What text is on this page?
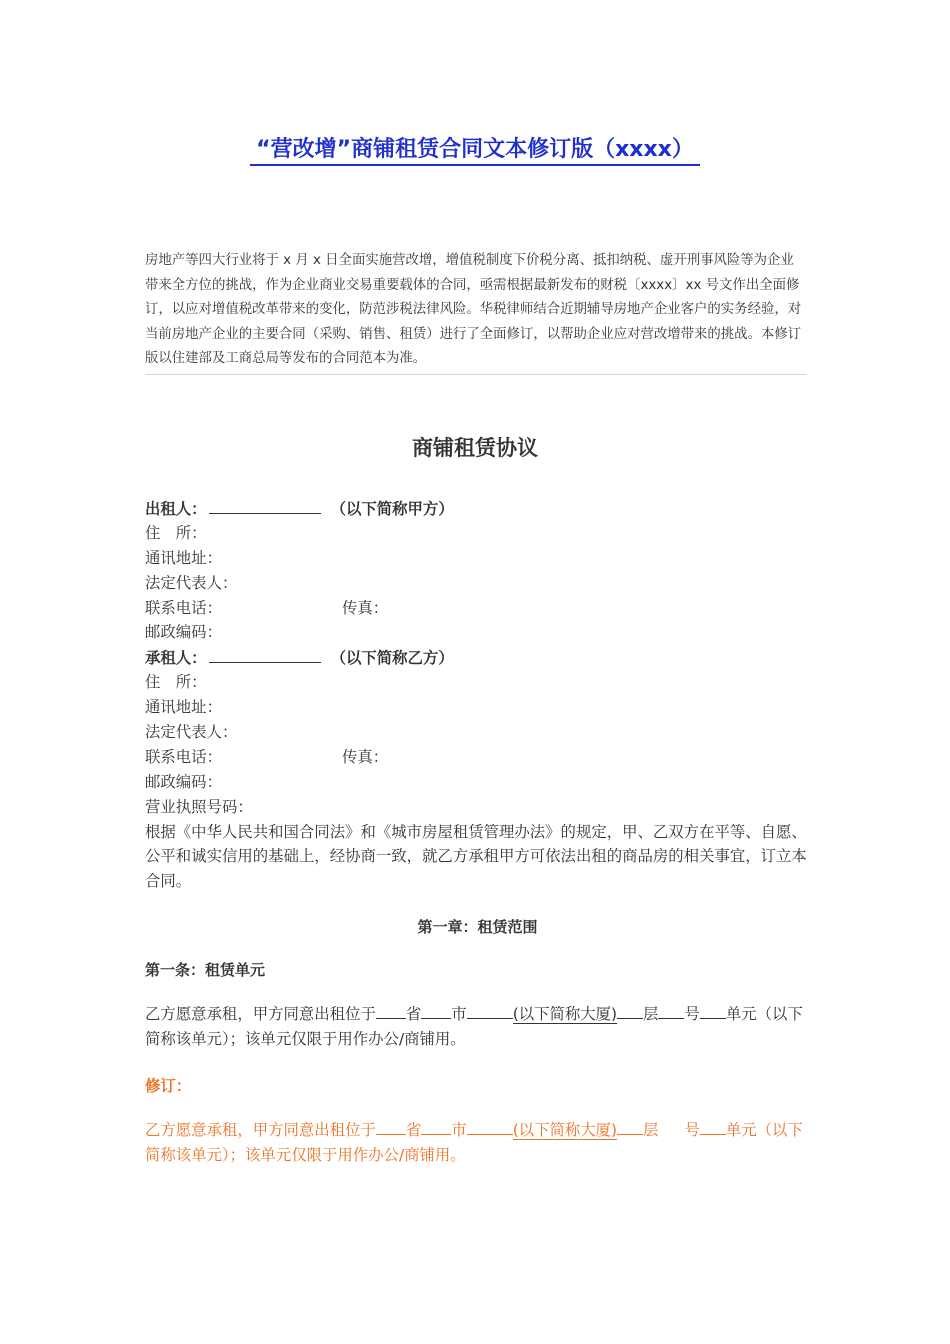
“营改增”商铺租赁合同文本修订版（xxxx）
房地产等四大行业将于 x 月 x 日全面实施营改增，增值税制度下价税分离、抵扣纳税、虚开刑事风险等为企业带来全方位的挑战，作为企业商业交易重要载体的合同，亟需根据最新发布的财税〔xxxx〕xx 号文作出全面修订，以应对增值税改革带来的变化，防范涉税法律风险。华税律师结合近期辅导房地产企业客户的实务经验，对当前房地产企业的主要合同（采购、销售、租赁）进行了全面修订，以帮助企业应对营改增带来的挑战。本修订版以住建部及工商总局等发布的合同范本为准。
商铺租赁协议
出租人：	（以下简称甲方）
住　所：
通讯地址：
法定代表人：
联系电话：	传真：
邮政编码：
承租人：	（以下简称乙方）
住　所：
通讯地址：
法定代表人：
联系电话：	传真：
邮政编码：
营业执照号码：
根据《中华人民共和国合同法》和《城市房屋租赁管理办法》的规定，甲、乙双方在平等、自愿、公平和诚实信用的基础上，经协商一致，就乙方承租甲方可依法出租的商品房的相关事宜，订立本合同。
第一章：租赁范围
第一条：租赁单元
乙方愿意承租，甲方同意出租位于 省 市	(以下简称大厦) 层 号 单元（以下简称该单元）；该单元仅限于用作办公/商铺用。
修订：
乙方愿意承租，甲方同意出租位于 省 市	(以下简称大厦) 层 号 单元（以下简称该单元）；该单元仅限于用作办公/商铺用。
